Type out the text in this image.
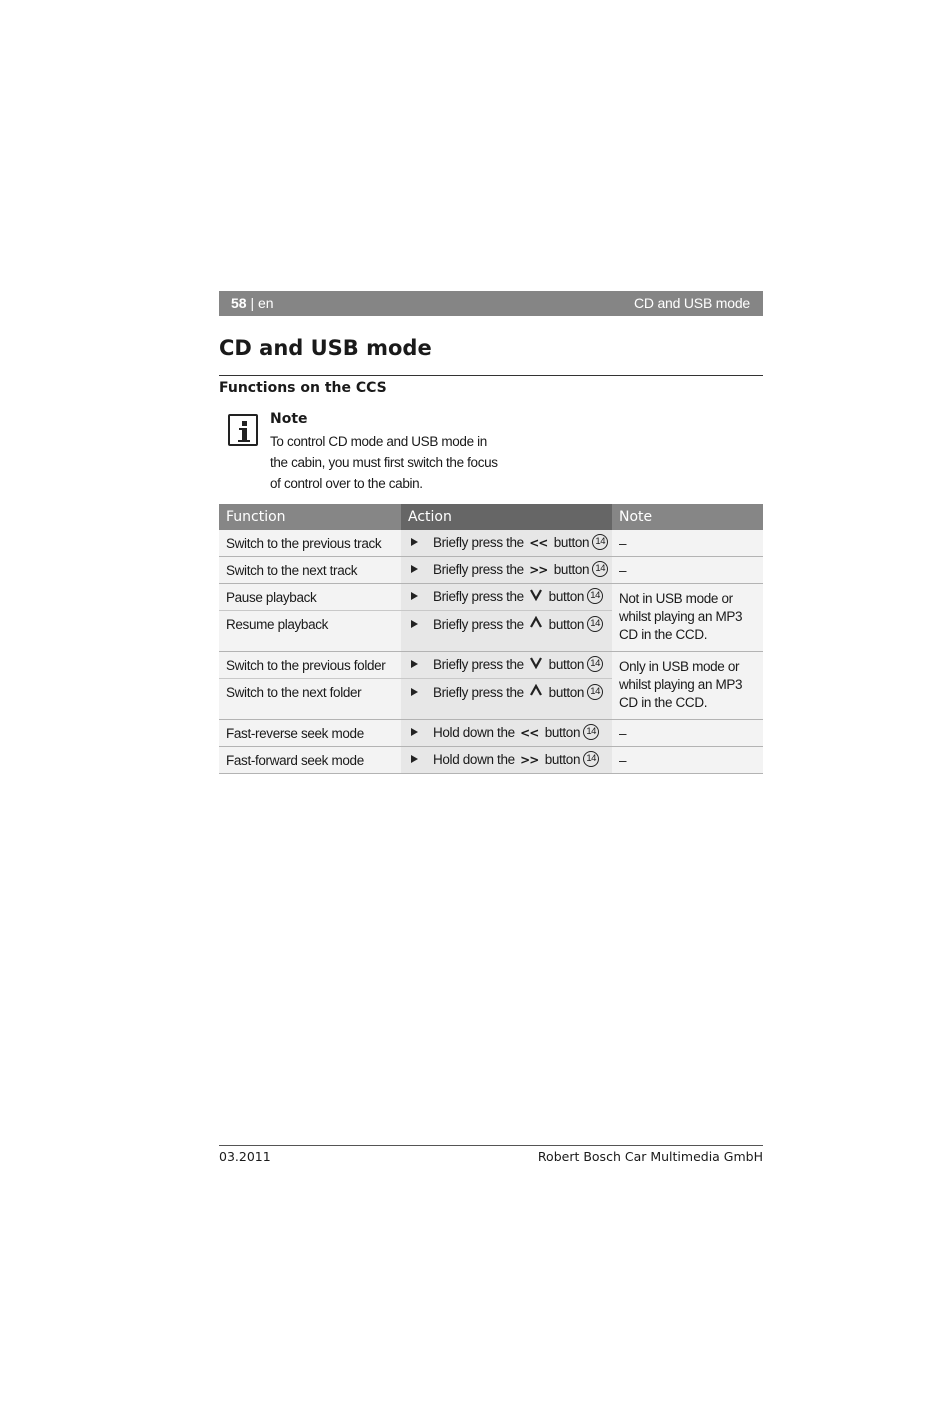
58 | en	CD and USB mode
CD and USB mode
Functions on the CCS
Note
To control CD mode and USB mode in the cabin, you must first switch the focus of control over to the cabin.
Function	Action	Note
Switch to the previous track	Briefly press the << button 14	–
Switch to the next track	Briefly press the >> button 14	–
Pause playback	Briefly press the button 14	Not in USB mode or whilst playing an MP3 CD in the CCD.
Resume playback	Briefly press the button 14	
Switch to the previous folder	Briefly press the button 14	Only in USB mode or whilst playing an MP3 CD in the CCD.
Switch to the next folder	Briefly press the button 14	
Fast-reverse seek mode	Hold down the << button 14	–
Fast-forward seek mode	Hold down the >> button 14	–
03.2011	Robert Bosch Car Multimedia GmbH
